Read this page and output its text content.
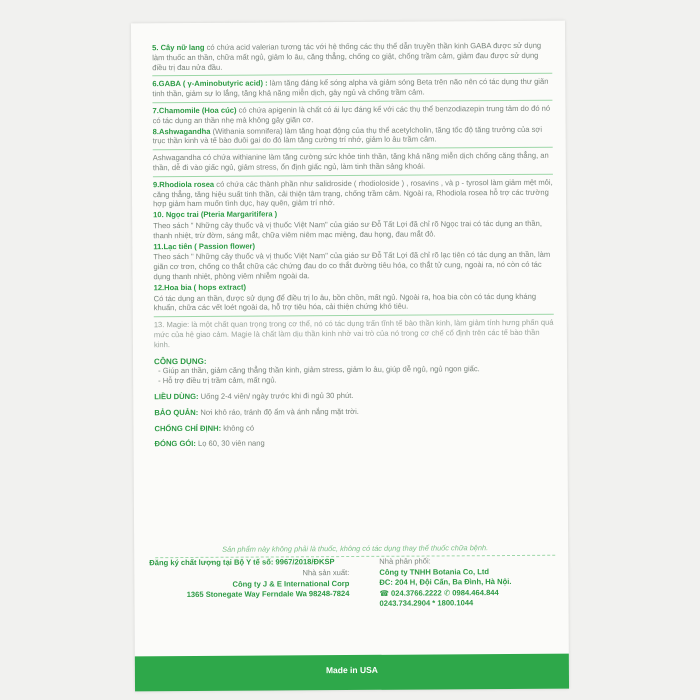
5. Cây nữ lang có chứa acid valerian tương tác với hệ thống các thụ thể dẫn truyền thần kinh GABA được sử dụng làm thuốc an thần, chữa mất ngủ, giảm lo âu, căng thẳng, chống co giật, chống trầm cảm, giảm đau được sử dụng điều trị đau nửa đầu.

6.GABA ( γ-Aminobutyric acid) : làm tăng đáng kể sóng alpha và giảm sóng Beta trên não nên có tác dụng thư giãn tinh thần, giảm sự lo lắng, tăng khả năng miễn dịch, gây ngủ và chống trầm cảm.

7.Chamomile (Hoa cúc) có chứa apigenin là chất có ái lực đáng kể với các thụ thể benzodiazepin trung tâm do đó nó có tác dụng an thần nhẹ mà không gây giãn cơ.

8.Ashwagandha (Withania somnifera) làm tăng hoạt động của thụ thể acetylcholin, tăng tốc độ tăng trưởng của sợi trục thần kinh và tế bào đuôi gai do đó làm tăng cường trí nhớ, giảm lo âu trầm cảm.

Ashwagandha có chứa withianine làm tăng cường sức khỏe tinh thần, tăng khả năng miễn dịch chống căng thẳng, an thần, dễ đi vào giấc ngủ, giảm stress, ổn định giấc ngủ, làm tinh thần sảng khoái.

9.Rhodiola rosea có chứa các thành phần như salidroside ( rhodioloside ) , rosavins , và p - tyrosol làm giảm mệt mỏi, căng thẳng, tăng hiệu suất tinh thần, cải thiện tâm trạng, chống trầm cảm. Ngoài ra, Rhodiola rosea hỗ trợ các trường hợp giảm ham muốn tình dục, hay quên, giảm trí nhớ.

10. Ngọc trai (Pteria Margaritifera )

Theo sách " Những cây thuốc và vị thuốc Việt Nam" của giáo sư Đỗ Tất Lợi đã chỉ rõ Ngọc trai có tác dụng an thần, thanh nhiệt, trừ đờm, sáng mắt, chữa viêm niêm mạc miệng, đau họng, đau mắt đỏ.

11.Lạc tiên ( Passion flower)

Theo sách " Những cây thuốc và vị thuốc Việt Nam" của giáo sư Đỗ Tất Lợi đã chỉ rõ lạc tiên có tác dụng an thần, làm giãn cơ trơn, chống co thắt chữa các chứng đau do co thắt đường tiêu hóa, co thắt tử cung, ngoài ra, nó còn có tác dụng thanh nhiệt, phòng viêm nhiễm ngoài da.

12.Hoa bia ( hops extract)

Có tác dụng an thần, được sử dụng để điều trị lo âu, bồn chồn, mất ngủ. Ngoài ra, hoa bia còn có tác dụng kháng khuẩn, chữa các vết loét ngoài da, hỗ trợ tiêu hóa, cải thiện chứng khó tiêu.

13. Magie: là một chất quan trọng trong cơ thể, nó có tác dụng trấn tĩnh tế bào thần kinh, làm giảm tính hưng phấn quá mức của hệ giao cảm. Magie là chất làm dịu thần kinh nhờ vai trò của nó trong cơ chế cố định trên các tế bào thần kinh.

CÔNG DỤNG:
- Giúp an thần, giảm căng thẳng thần kinh, giảm stress, giảm lo âu, giúp dễ ngủ, ngủ ngon giấc.
- Hỗ trợ điều trị trầm cảm, mất ngủ.
LIỀU DÙNG: Uống 2-4 viên/ ngày trước khi đi ngủ 30 phút.
BẢO QUẢN: Nơi khô ráo, tránh độ ẩm và ánh nắng mặt trời.
CHỐNG CHỈ ĐỊNH: không có
ĐÓNG GÓI: Lọ 60, 30 viên nang
Sản phẩm này không phải là thuốc, không có tác dụng thay thế thuốc chữa bệnh.
Đăng ký chất lượng tại Bộ Y tế số: 9967/2018/ĐKSP
Nhà sản xuất:
Công ty J & E International Corp
1365 Stonegate Way Ferndale Wa 98248-7824
Nhà phân phối:
Công ty TNHH Botania Co, Ltd
ĐC: 204 H, Đội Cấn, Ba Đình, Hà Nội.
☎ 024.3766.2222 ✆ 0984.464.844
0243.734.2904 * 1800.1044
Made in USA
